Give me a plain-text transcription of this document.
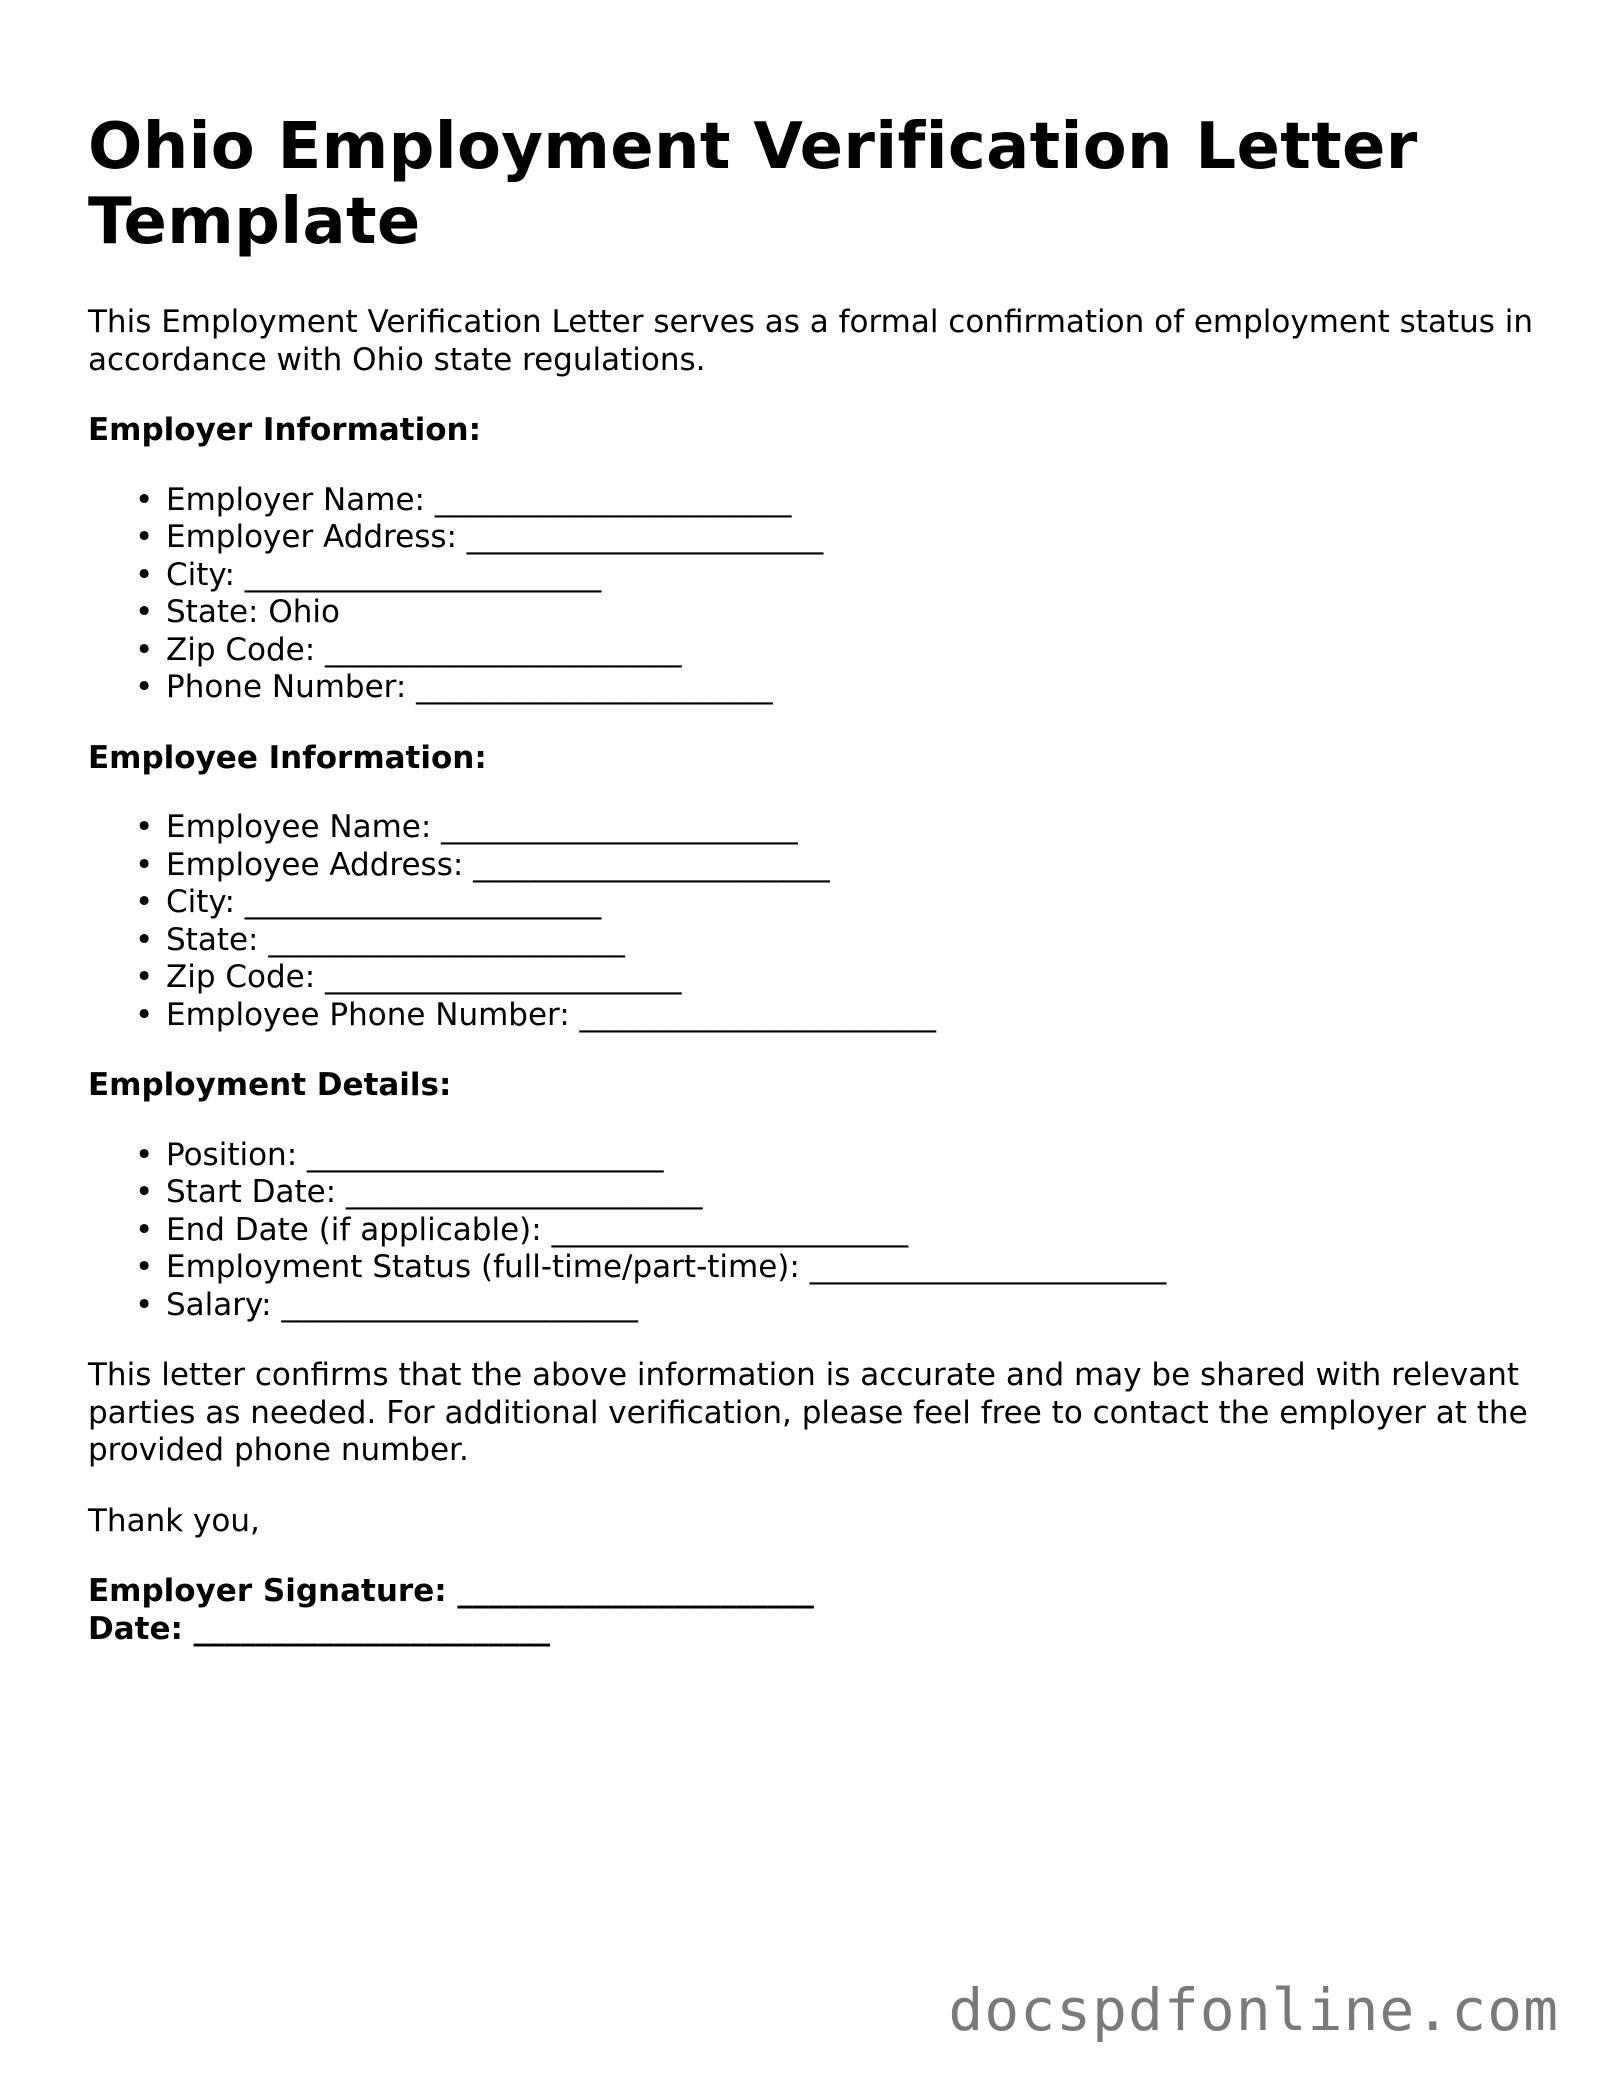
Ohio Employment Verification Letter Template

This Employment Verification Letter serves as a formal confirmation of employment status in accordance with Ohio state regulations.

Employer Information:
• Employer Name: _______________________
• Employer Address: _______________________
• City: _______________________
• State: Ohio
• Zip Code: _______________________
• Phone Number: _______________________
Employee Information:
• Employee Name: _______________________
• Employee Address: _______________________
• City: _______________________
• State: _______________________
• Zip Code: _______________________
• Employee Phone Number: _______________________
Employment Details:
• Position: _______________________
• Start Date: _______________________
• End Date (if applicable): _______________________
• Employment Status (full-time/part-time): _______________________
• Salary: _______________________

This letter confirms that the above information is accurate and may be shared with relevant parties as needed. For additional verification, please feel free to contact the employer at the provided phone number.

Thank you,

Employer Signature: _______________________
Date: _______________________
docspdfonline.com
